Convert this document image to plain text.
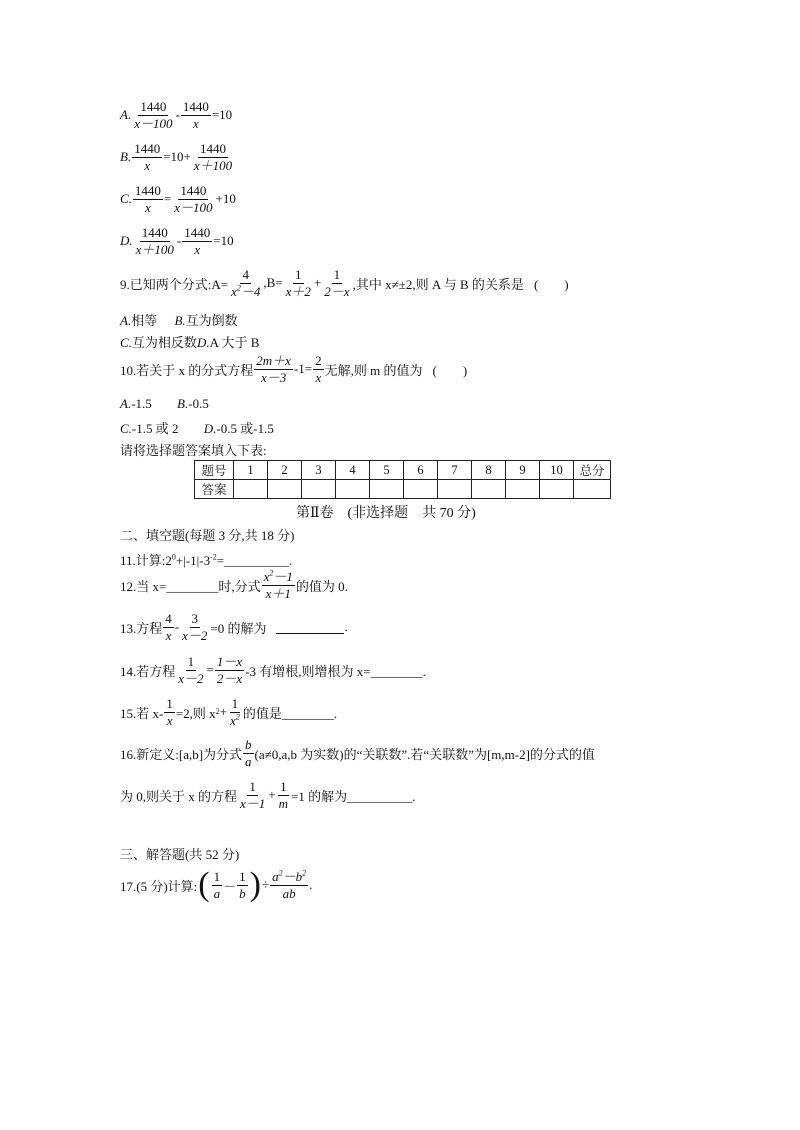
A. $\frac{1440}{x-100} - \frac{1440}{x} =10$
B. $\frac{1440}{x} =10+ \frac{1440}{x+100}$
C. $\frac{1440}{x} = \frac{1440}{x-100} +10$
D. $\frac{1440}{x+100} - \frac{1440}{x} =10$
9.已知两个分式:A= $\frac{4}{x^2-4} ,B= \frac{1}{x+2} + \frac{1}{2-x}$ ,其中 x≠±2,则 A 与 B 的关系是 (　　)
A.相等 B.互为倒数
C.互为相反数D.A 大于 B
10.若关于 x 的分式方程 $\frac{2m+x}{x-3} -1= \frac{2}{x}$ 无解,则 m 的值为 (　　)
A.-1.5 B.-0.5
C.-1.5 或 2 D.-0.5 或-1.5
请将选择题答案填入下表:
题号	1	2	3	4	5	6	7	8	9	10	总分
答案											
第Ⅱ卷　(非选择题　共 70 分)
二、填空题(每题 3 分,共 18 分)
11.计算$:2^0+|-1|-3^{-2}=\_\_\_\_\_\_\_\_\_\_$.
12.当 x=________时,分式 $\frac{x^2-1}{x+1}$ 的值为 0.
13.方程 $\frac{4}{x} - \frac{3}{x-2} =0$ 的解为	.
14.若方程 $\frac{1}{x-2} = \frac{1-x}{2-x} -3$ 有增根,则增根为 x=________.
15.若 $x- \frac{1}{x} =2$,则 x $2 + \frac{1}{x^2}$ 的值是________.
16.新定义:[a,b]为分式 $\frac{b}{a} (a\ne 0,a,b$ 为实数)的“关联数”.若“关联数”为[m,m-2]的分式的值
为 0,则关于 x 的方程 $\frac{1}{x-1} + \frac{1}{m} =1$ 的解为__________.
三、解答题(共 52 分)
17.(5 分)计算: ( $\frac{1}{a} - \frac{1}{b}$ ) ÷ $\frac{a^2-b^2}{ab}$ .
